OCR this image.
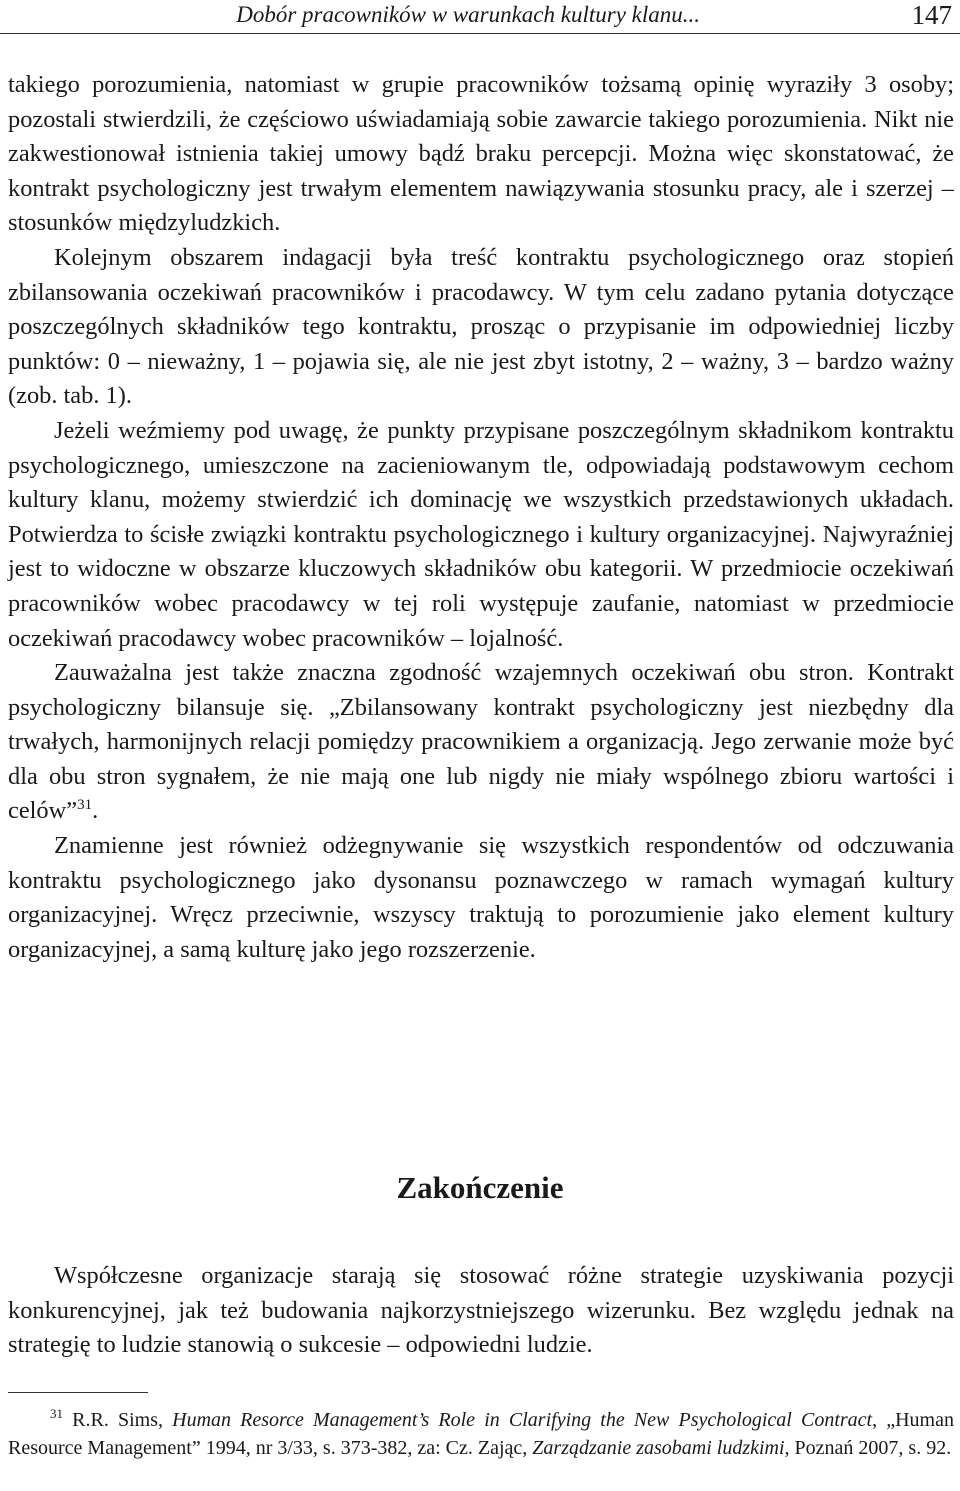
Dobór pracowników w warunkach kultury klanu...	147

takiego porozumienia, natomiast w grupie pracowników tożsamą opinię wyraziły 3 osoby; pozostali stwierdzili, że częściowo uświadamiają sobie zawarcie takiego porozumienia. Nikt nie zakwestionował istnienia takiej umowy bądź braku percepcji. Można więc skonstatować, że kontrakt psychologiczny jest trwałym elementem nawiązywania stosunku pracy, ale i szerzej – stosunków międzyludzkich.

Kolejnym obszarem indagacji była treść kontraktu psychologicznego oraz stopień zbilansowania oczekiwań pracowników i pracodawcy. W tym celu zadano pytania dotyczące poszczególnych składników tego kontraktu, prosząc o przypisanie im odpowiedniej liczby punktów: 0 – nieważny, 1 – pojawia się, ale nie jest zbyt istotny, 2 – ważny, 3 – bardzo ważny (zob. tab. 1).

Jeżeli weźmiemy pod uwagę, że punkty przypisane poszczególnym składnikom kontraktu psychologicznego, umieszczone na zacieniowanym tle, odpowiadają podstawowym cechom kultury klanu, możemy stwierdzić ich dominację we wszystkich przedstawionych układach. Potwierdza to ścisłe związki kontraktu psychologicznego i kultury organizacyjnej. Najwyraźniej jest to widoczne w obszarze kluczowych składników obu kategorii. W przedmiocie oczekiwań pracowników wobec pracodawcy w tej roli występuje zaufanie, natomiast w przedmiocie oczekiwań pracodawcy wobec pracowników – lojalność.

Zauważalna jest także znaczna zgodność wzajemnych oczekiwań obu stron. Kontrakt psychologiczny bilansuje się. „Zbilansowany kontrakt psychologiczny jest niezbędny dla trwałych, harmonijnych relacji pomiędzy pracownikiem a organizacją. Jego zerwanie może być dla obu stron sygnałem, że nie mają one lub nigdy nie miały wspólnego zbioru wartości i celów”$^{31}$.

Znamienne jest również odżegnywanie się wszystkich respondentów od odczuwania kontraktu psychologicznego jako dysonansu poznawczego w ramach wymagań kultury organizacyjnej. Wręcz przeciwnie, wszyscy traktują to porozumienie jako element kultury organizacyjnej, a samą kulturę jako jego rozszerzenie.

Zakończenie

Współczesne organizacje starają się stosować różne strategie uzyskiwania pozycji konkurencyjnej, jak też budowania najkorzystniejszego wizerunku. Bez względu jednak na strategię to ludzie stanowią o sukcesie – odpowiedni ludzie.

$^{31}$ R.R. Sims, Human Resorce Management’s Role in Clarifying the New Psychological Contract, „Human Resource Management” 1994, nr 3/33, s. 373-382, za: Cz. Zając, Zarządzanie zasobami ludzkimi, Poznań 2007, s. 92.
